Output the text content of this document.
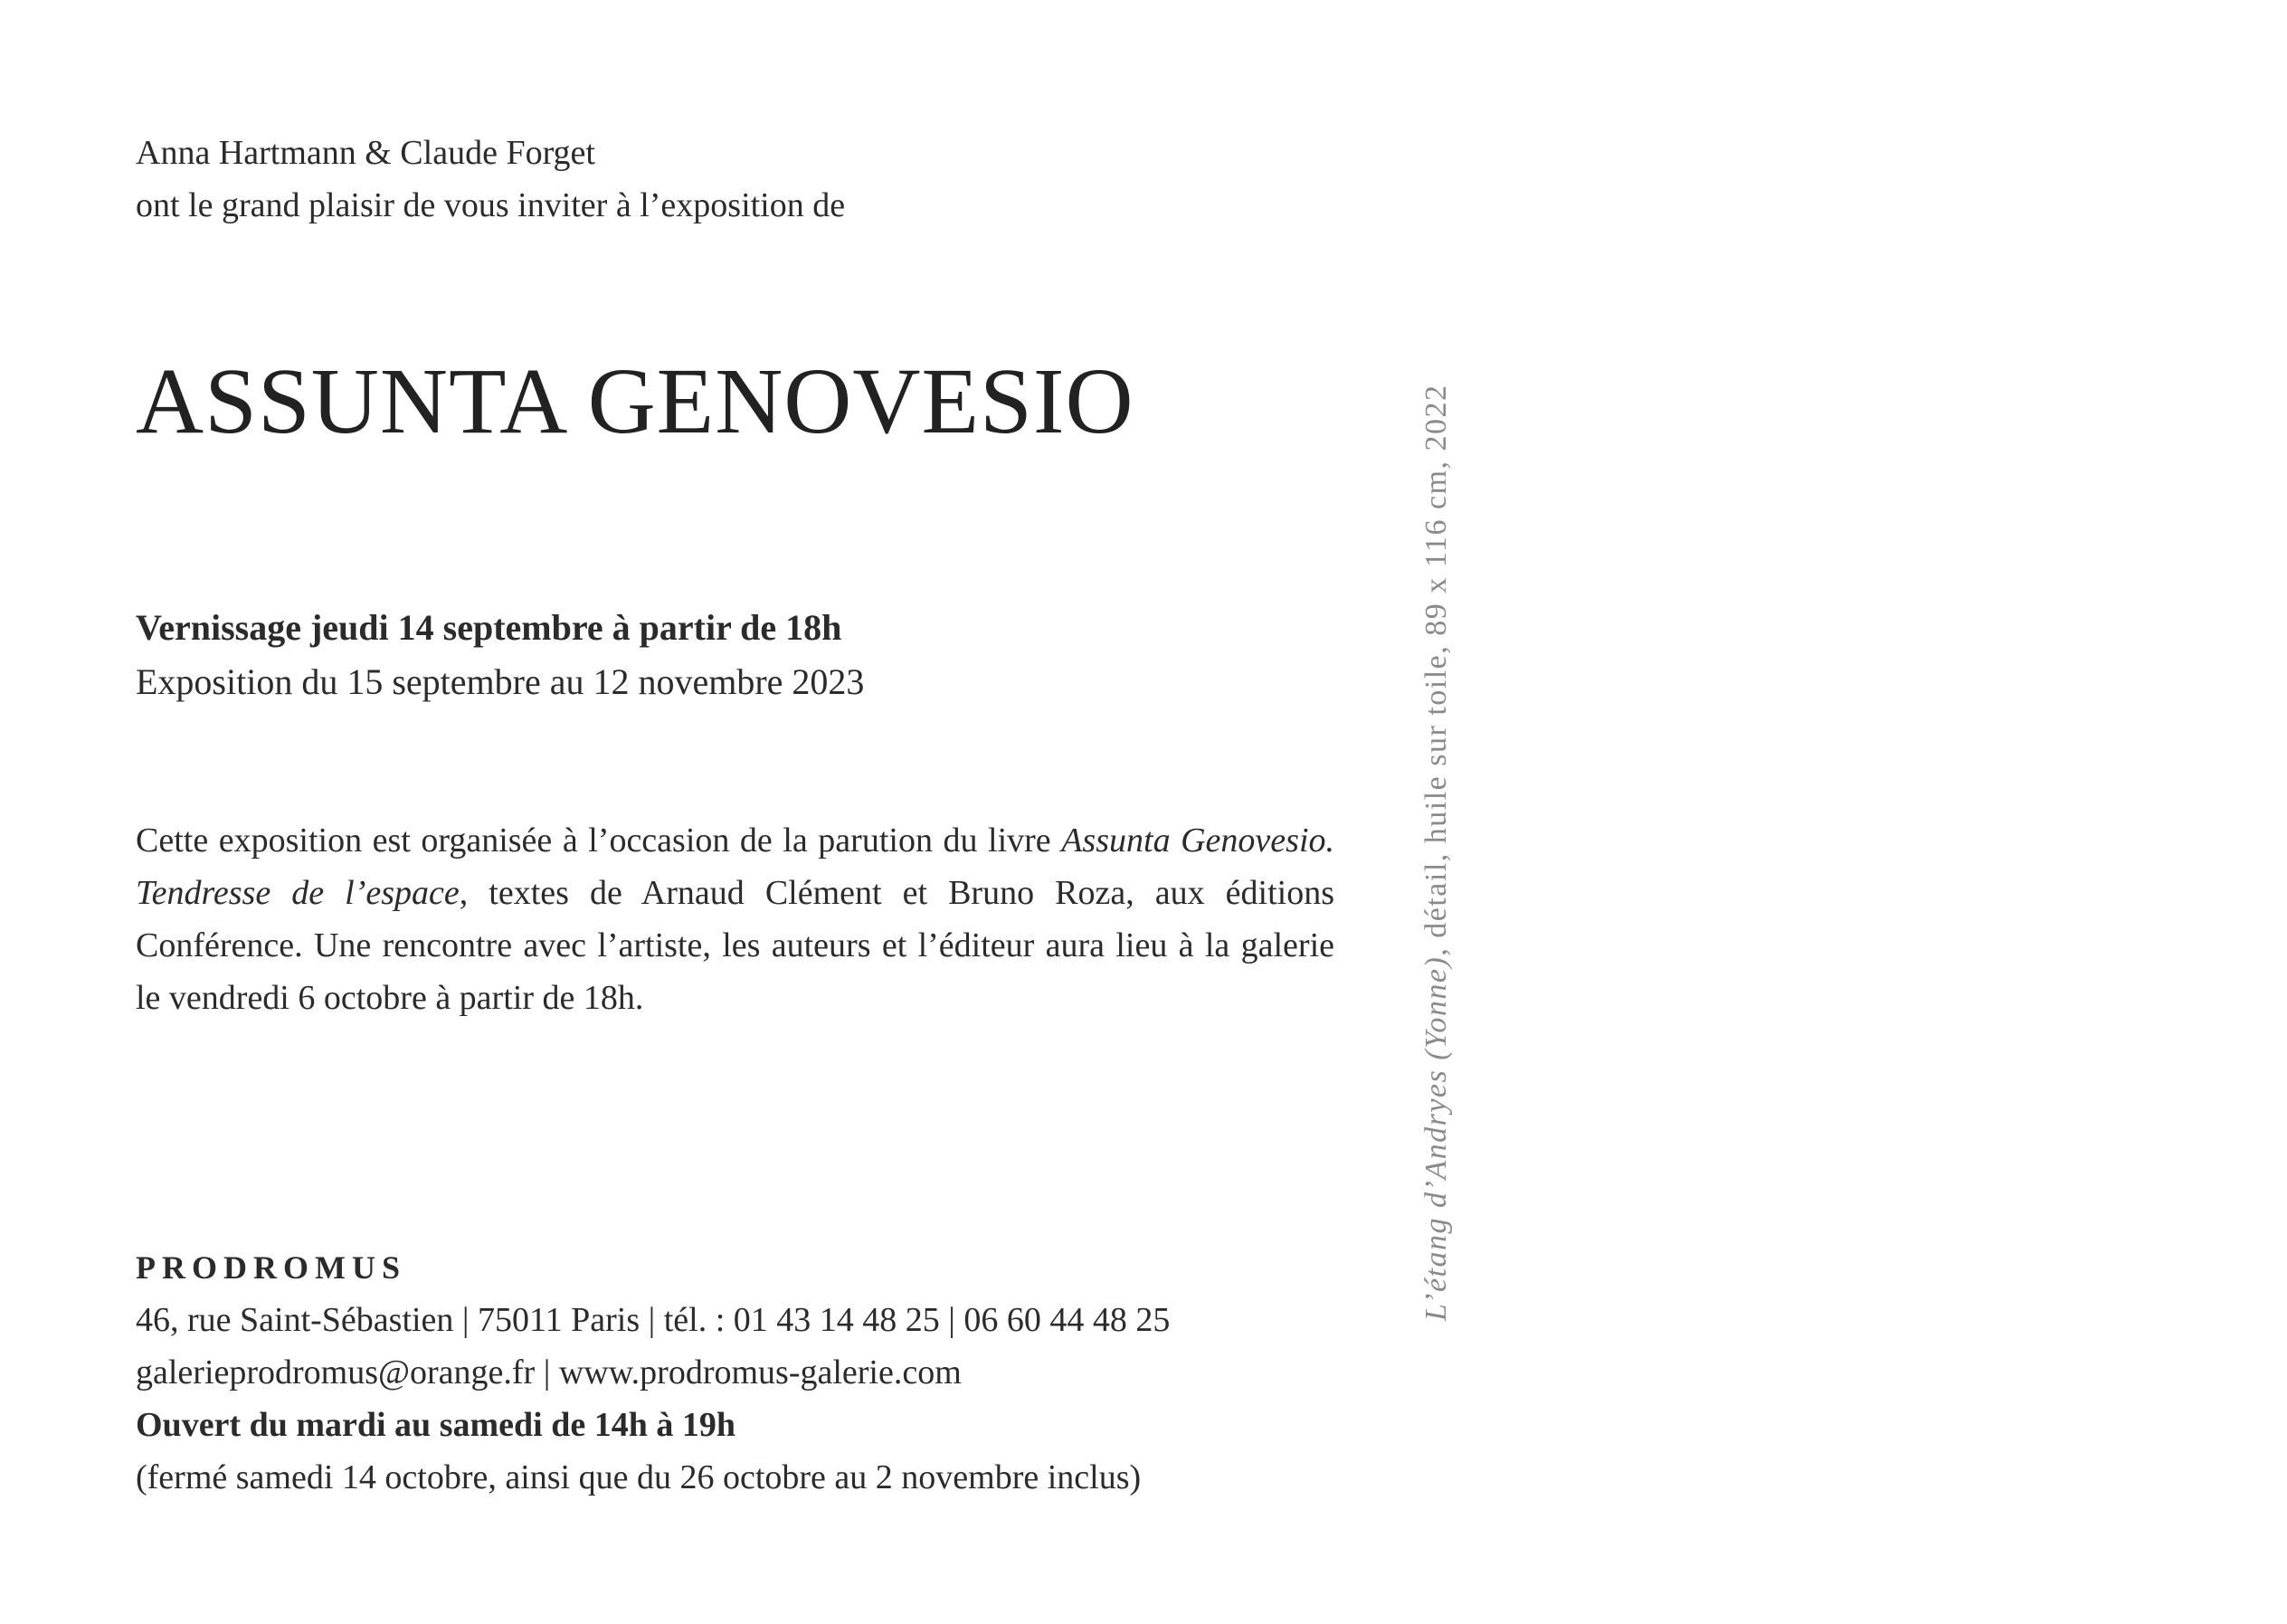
Anna Hartmann & Claude Forget
ont le grand plaisir de vous inviter à l’exposition de
ASSUNTA GENOVESIO
Vernissage jeudi 14 septembre à partir de 18h
Exposition du 15 septembre au 12 novembre 2023

Cette exposition est organisée à l’occasion de la parution du livre Assunta Genovesio. Tendresse de l’espace, textes de Arnaud Clément et Bruno Roza, aux éditions Conférence. Une rencontre avec l’artiste, les auteurs et l’éditeur aura lieu à la galerie le vendredi 6 octobre à partir de 18h.

PRODROMUS
46, rue Saint-Sébastien | 75011 Paris | tél. : 01 43 14 48 25 | 06 60 44 48 25
galerieprodromus@orange.fr | www.prodromus-galerie.com
Ouvert du mardi au samedi de 14h à 19h
(fermé samedi 14 octobre, ainsi que du 26 octobre au 2 novembre inclus)
L’étang d’Andryes (Yonne), détail, huile sur toile, 89 x 116 cm, 2022
